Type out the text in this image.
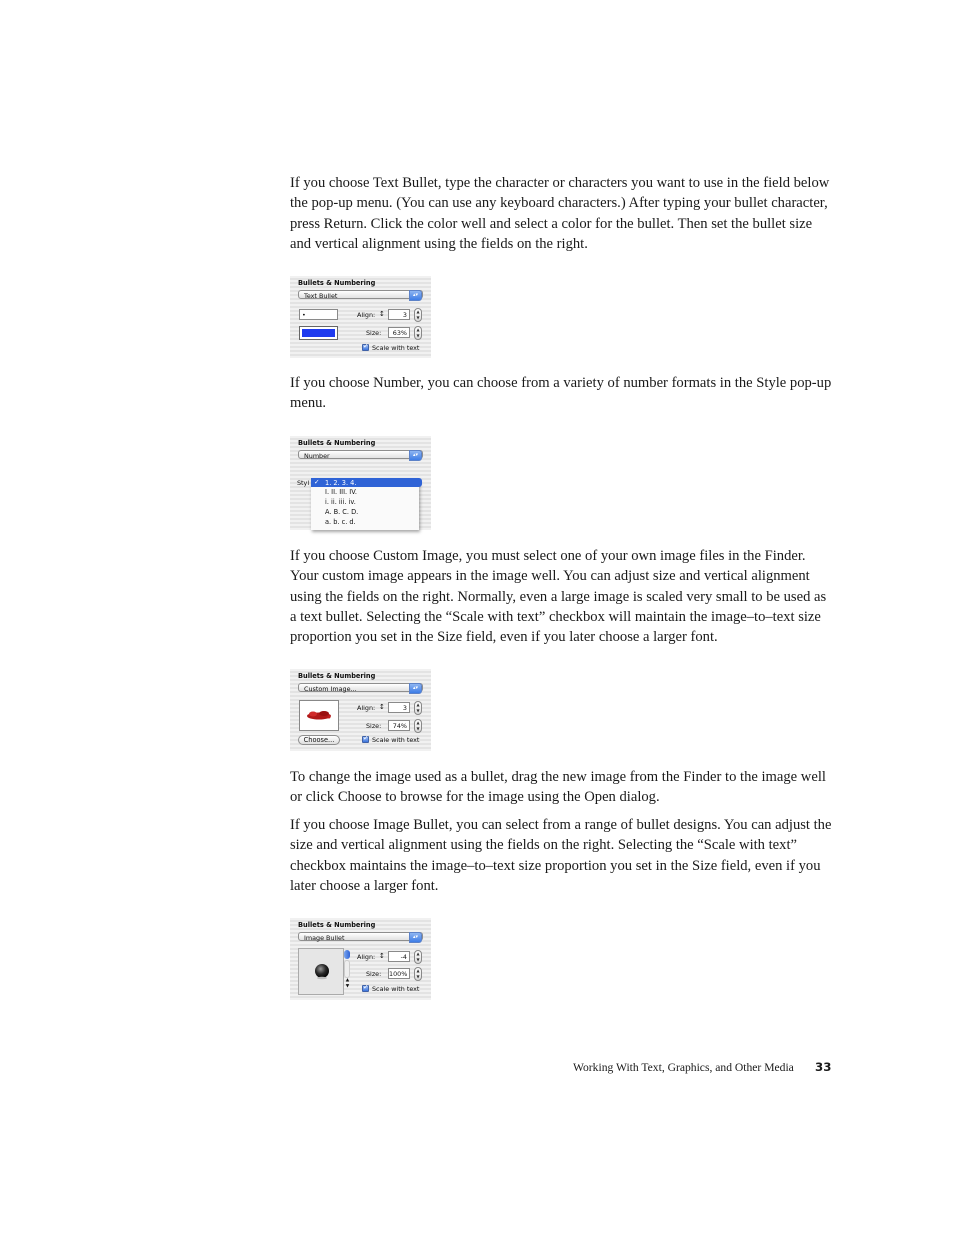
If you choose Text Bullet, type the character or characters you want to use in the field below the pop-up menu. (You can use any keyboard characters.) After typing your bullet character, press Return. Click the color well and select a color for the bullet. Then set the bullet size and vertical alignment using the fields on the right.

Bullets & Numbering
Text Bullet	▴▾
•	Align: ↕	3	▲
▼
Size:	63%	▲
▼
✓
Scale with text

If you choose Number, you can choose from a variety of number formats in the Style pop-up menu.

Bullets & Numbering
Number	▴▾
Styl ✓ 1. 2. 3. 4.
I. II. III. IV.
i. ii. iii. iv.
A. B. C. D.
a. b. c. d.

If you choose Custom Image, you must select one of your own image files in the Finder. Your custom image appears in the image well. You can adjust size and vertical alignment using the fields on the right. Normally, even a large image is scaled very small to be used as a text bullet. Selecting the “Scale with text” checkbox will maintain the image–to–text size proportion you set in the Size field, even if you later choose a larger font.

Bullets & Numbering
Custom Image...	▴▾
Align: ↕	3	▲
▼
Size:	74%	▲
▼
Choose...
✓	Scale with text

To change the image used as a bullet, drag the new image from the Finder to the image well or click Choose to browse for the image using the Open dialog.

If you choose Image Bullet, you can select from a range of bullet designs. You can adjust the size and vertical alignment using the fields on the right. Selecting the “Scale with text” checkbox maintains the image–to–text size proportion you set in the Size field, even if you later choose a larger font.

Bullets & Numbering
Image Bullet	▴▾
▲
▼
Align: ↕	-4	▲
▼
Size: 100%	▲
▼
✓
Scale with text
Working With Text, Graphics, and Other Media 33
